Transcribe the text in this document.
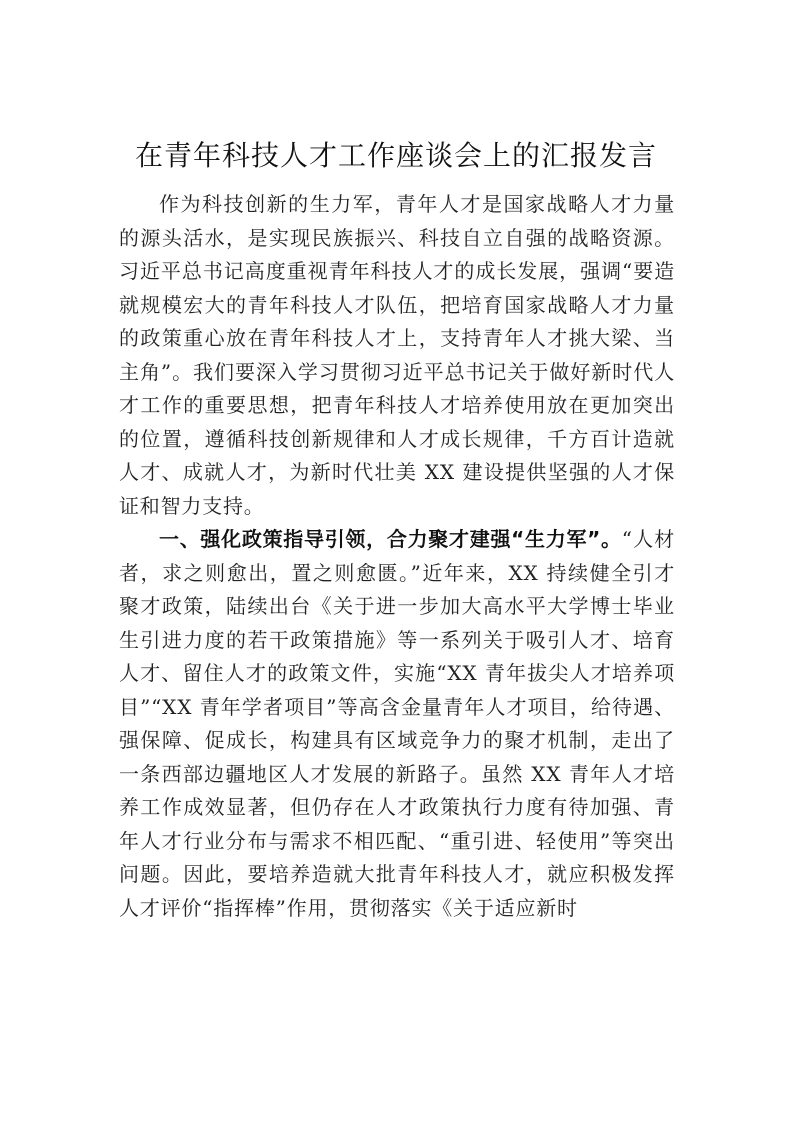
在青年科技人才工作座谈会上的汇报发言

作为科技创新的生力军，青年人才是国家战略人才力量的源头活水，是实现民族振兴、科技自立自强的战略资源。习近平总书记高度重视青年科技人才的成长发展，强调“要造就规模宏大的青年科技人才队伍，把培育国家战略人才力量的政策重心放在青年科技人才上，支持青年人才挑大梁、当主角”。我们要深入学习贯彻习近平总书记关于做好新时代人才工作的重要思想，把青年科技人才培养使用放在更加突出的位置，遵循科技创新规律和人才成长规律，千方百计造就人才、成就人才，为新时代壮美 XX 建设提供坚强的人才保证和智力支持。

一、强化政策指导引领，合力聚才建强“生力军”。“人材者，求之则愈出，置之则愈匮。”近年来，XX 持续健全引才聚才政策，陆续出台《关于进一步加大高水平大学博士毕业生引进力度的若干政策措施》等一系列关于吸引人才、培育人才、留住人才的政策文件，实施“XX 青年拔尖人才培养项目”“XX 青年学者项目”等高含金量青年人才项目，给待遇、强保障、促成长，构建具有区域竞争力的聚才机制，走出了一条西部边疆地区人才发展的新路子。虽然 XX 青年人才培养工作成效显著，但仍存在人才政策执行力度有待加强、青年人才行业分布与需求不相匹配、“重引进、轻使用”等突出问题。因此，要培养造就大批青年科技人才，就应积极发挥人才评价“指挥棒”作用，贯彻落实《关于适应新时
